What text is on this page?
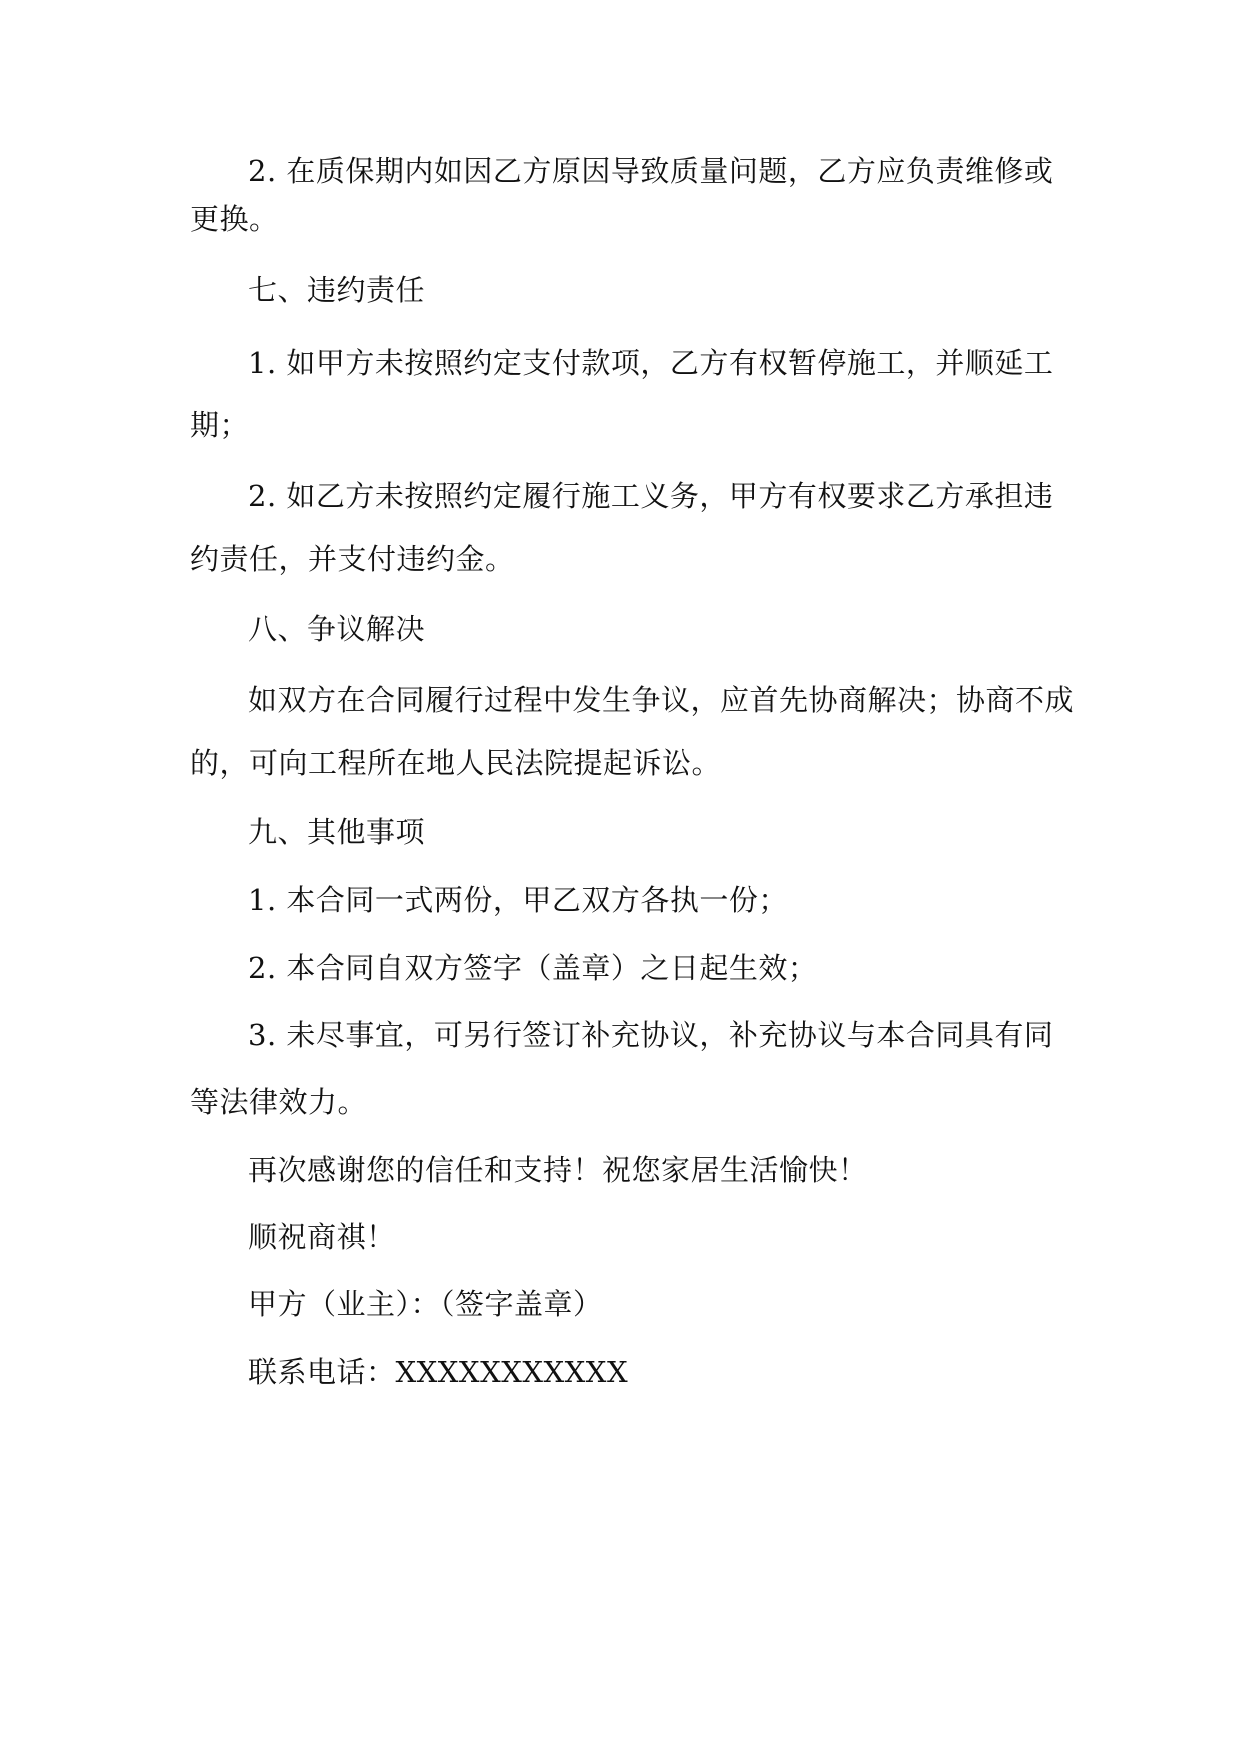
2. 在质保期内如因乙方原因导致质量问题，乙方应负责维修或
更换。
七、违约责任
1. 如甲方未按照约定支付款项，乙方有权暂停施工，并顺延工
期；
2. 如乙方未按照约定履行施工义务，甲方有权要求乙方承担违
约责任，并支付违约金。
八、争议解决
如双方在合同履行过程中发生争议，应首先协商解决；协商不成
的，可向工程所在地人民法院提起诉讼。
九、其他事项
1. 本合同一式两份，甲乙双方各执一份；
2. 本合同自双方签字（盖章）之日起生效；
3. 未尽事宜，可另行签订补充协议，补充协议与本合同具有同
等法律效力。
再次感谢您的信任和支持！祝您家居生活愉快！
顺祝商祺！
甲方（业主）：（签字盖章）
联系电话：XXXXXXXXXXX
